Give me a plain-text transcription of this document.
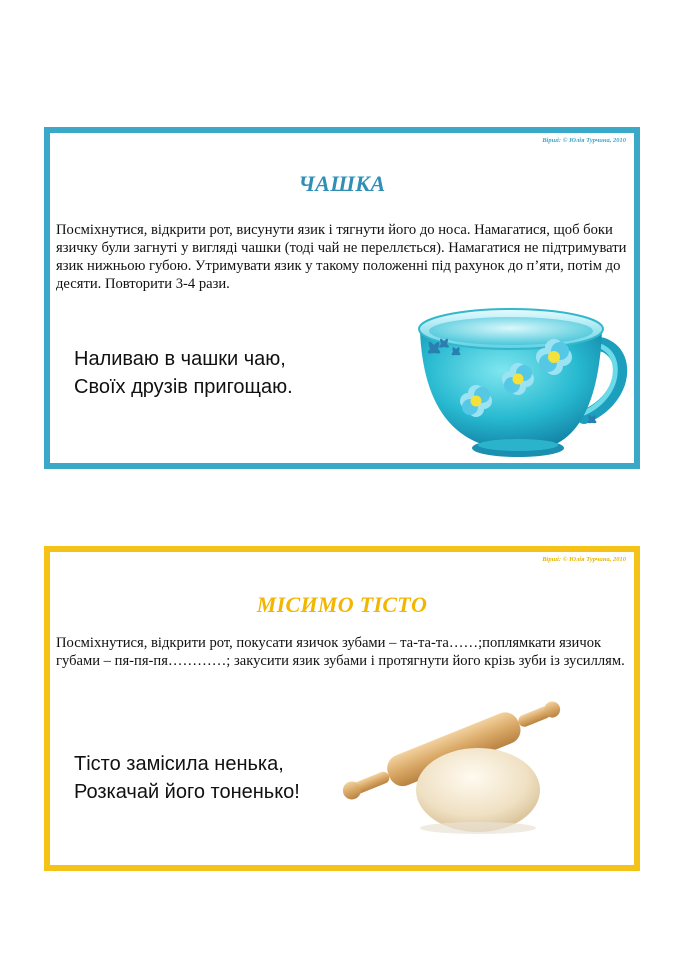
Вірші: © Юлія Турчина, 2010
ЧАШКА

Посміхнутися, відкрити рот, висунути язик і тягнути його до носа. Намагатися, щоб боки язичку були загнуті у вигляді чашки (тоді чай не переллється). Намагатися не підтримувати язик нижньою губою. Утримувати язик у такому положенні під рахунок до п’яти, потім до десяти. Повторити 3-4 рази.

Наливаю в чашки чаю,
Своїх друзів пригощаю.
Вірші: © Юлія Турчина, 2010
МІСИМО ТІСТО

Посміхнутися, відкрити рот, покусати язичок зубами – та-та-та……;поплямкати язичок губами – пя-пя-пя…………; закусити язик зубами і протягнути його крізь зуби із зусиллям.

Тісто замісила ненька,
Розкачай його тоненько!
